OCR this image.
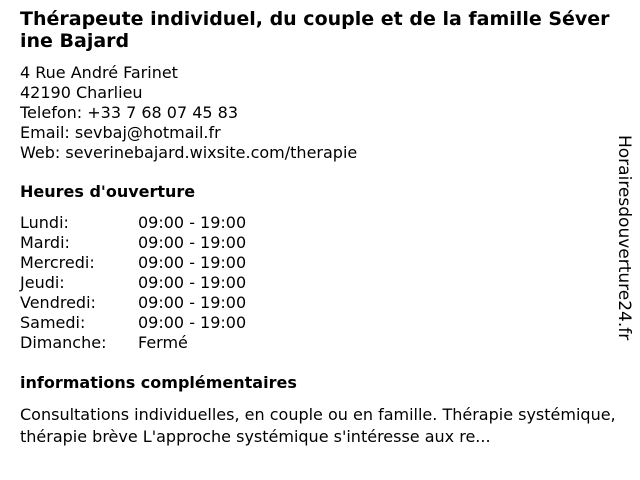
Thérapeute individuel, du couple et de la famille Séverine Bajard
4 Rue André Farinet
42190 Charlieu
Telefon: +33 7 68 07 45 83
Email: sevbaj@hotmail.fr
Web: severinebajard.wixsite.com/therapie
Heures d'ouverture
Lundi:	09:00 - 19:00
Mardi:	09:00 - 19:00
Mercredi:	09:00 - 19:00
Jeudi:	09:00 - 19:00
Vendredi:	09:00 - 19:00
Samedi:	09:00 - 19:00
Dimanche:	Fermé
informations complémentaires
Consultations individuelles, en couple ou en famille. Thérapie systémique, thérapie brève L'approche systémique s'intéresse aux re...
Horairesdouverture24.fr
